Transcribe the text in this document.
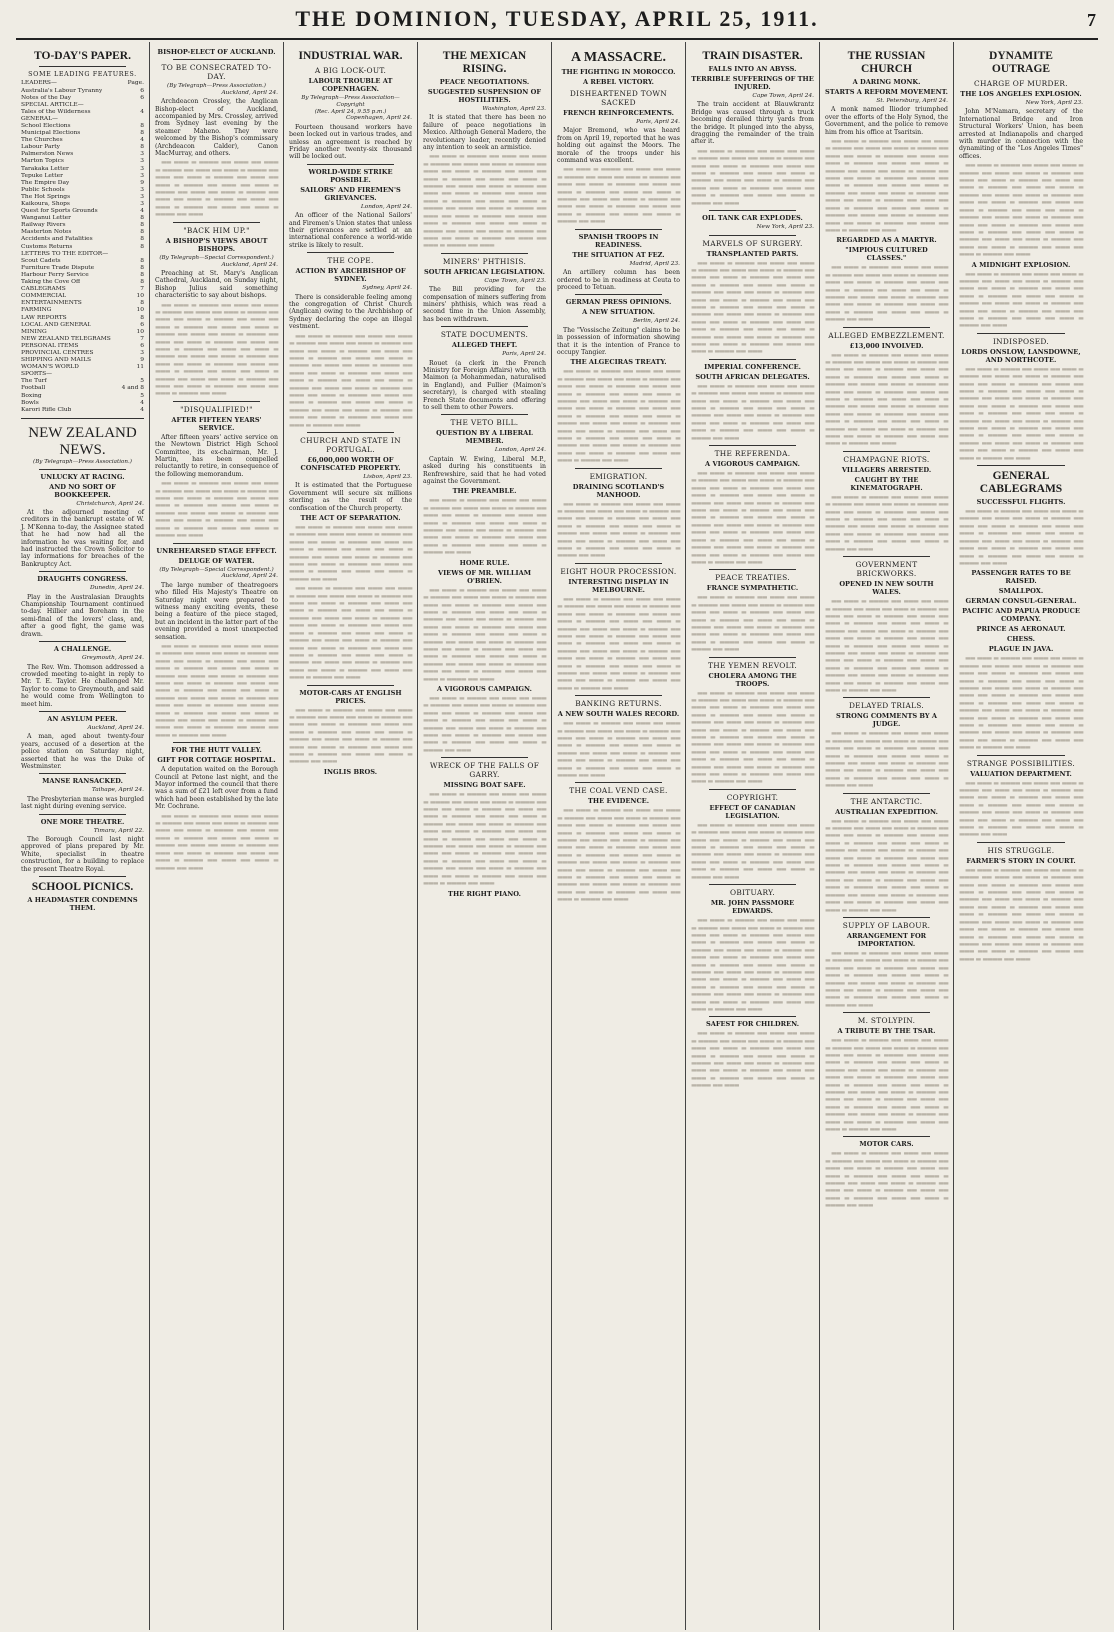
THE DOMINION, TUESDAY, APRIL 25, 1911.	7
TO-DAY'S PAPER.
SOME LEADING FEATURES.
LEADERS—	Page.
Australia's Labour Tyranny	6
Notes of the Day	6
SPECIAL ARTICLE—
Tales of the Wilderness	4
GENERAL—
School Elections	8
Municipal Elections	8
The Churches	4
Labour Party	8
Palmerston News	3
Marton Topics	3
Tarakaka Letter	3
Tepuke Letter	3
The Empire Day	9
Public Schools	3
The Hot Springs	3
Kaikoura, Shops	3
Quest for Sports Grounds	4
Wanganui Letter	8
Railway Rivers	8
Masterton Notes	8
Accidents and Fatalities	8
Customs Returns	8
LETTERS TO THE EDITOR—
Scout Cadets	8
Furniture Trade Dispute	8
Harbour Ferry Service	8
Taking the Cove Off	8
CABLEGRAMS	7
COMMERCIAL	10
ENTERTAINMENTS	8
FARMING	10
LAW REPORTS	8
LOCAL AND GENERAL	6
MINING	10
NEW ZEALAND TELEGRAMS	7
PERSONAL ITEMS	6
PROVINCIAL CENTRES	3
SHIPPING AND MAILS	9
WOMAN'S WORLD	11
SPORTS—
The Turf	5
Football	4 and 8
Boxing	5
Bowls	4
Karori Rifle Club	4
NEW ZEALAND NEWS.
(By Telegraph—Press Association.)
UNLUCKY AT RACING.
AND NO SORT OF BOOKKEEPER.
Christchurch, April 24.
At the adjourned meeting of creditors in the bankrupt estate of W. J. M'Kenna to-day, the Assignee stated that he had now had all the information he was waiting for, and had instructed the Crown Solicitor to lay informations for breaches of the Bankruptcy Act.
DRAUGHTS CONGRESS.
Dunedin, April 24.
Play in the Australasian Draughts Championship Tournament continued to-day. Hillier and Boreham in the semi-final of the lovers' class, and, after a good fight, the game was drawn.
A CHALLENGE.
Greymouth, April 24.
The Rev. Wm. Thomson addressed a crowded meeting to-night in reply to Mr. T. E. Taylor. He challenged Mr. Taylor to come to Greymouth, and said he would come from Wellington to meet him.
AN ASYLUM PEER.
Auckland, April 24.
A man, aged about twenty-four years, accused of a desertion at the police station on Saturday night, asserted that he was the Duke of Westminster.
MANSE RANSACKED.
Taihape, April 24.
The Presbyterian manse was burgled last night during evening service.
ONE MORE THEATRE.
Timaru, April 22.
The Borough Council last night approved of plans prepared by Mr. White, specialist in theatre construction, for a building to replace the present Theatre Royal.
SCHOOL PICNICS.
A HEADMASTER CONDEMNS THEM.
BISHOP-ELECT OF AUCKLAND.
TO BE CONSECRATED TO-DAY.
(By Telegraph—Press Association.)
Auckland, April 24.
Archdeacon Crossley, the Anglican Bishop-elect of Auckland, accompanied by Mrs. Crossley, arrived from Sydney last evening by the steamer Maheno. They were welcomed by the Bishop's commissary (Archdeacon Calder), Canon MacMurray, and others.
▬▬ ▬▬▬ ▬ ▬▬▬▬ ▬▬ ▬▬▬ ▬▬ ▬▬▬ ▬ ▬▬▬▬ ▬▬ ▬▬▬ ▬▬ ▬▬▬ ▬ ▬▬▬▬ ▬▬ ▬▬▬ ▬▬ ▬▬▬ ▬ ▬▬▬▬ ▬▬ ▬▬▬ ▬▬ ▬▬▬ ▬ ▬▬▬▬ ▬▬ ▬▬▬ ▬▬ ▬▬▬ ▬ ▬▬▬▬ ▬▬ ▬▬▬ ▬▬ ▬▬▬ ▬ ▬▬▬▬ ▬▬ ▬▬▬ ▬▬ ▬▬▬ ▬ ▬▬▬▬ ▬▬ ▬▬▬ ▬▬ ▬▬▬ ▬ ▬▬▬▬ ▬▬ ▬▬▬ ▬▬ ▬▬▬ ▬ ▬▬▬▬ ▬▬ ▬▬▬
"BACK HIM UP."
A BISHOP'S VIEWS ABOUT BISHOPS.
(By Telegraph—Special Correspondent.)
Auckland, April 24.
Preaching at St. Mary's Anglican Cathedral, Auckland, on Sunday night, Bishop Julius said something characteristic to say about bishops.
▬▬ ▬▬▬ ▬ ▬▬▬▬ ▬▬ ▬▬▬ ▬▬ ▬▬▬ ▬ ▬▬▬▬ ▬▬ ▬▬▬ ▬▬ ▬▬▬ ▬ ▬▬▬▬ ▬▬ ▬▬▬ ▬▬ ▬▬▬ ▬ ▬▬▬▬ ▬▬ ▬▬▬ ▬▬ ▬▬▬ ▬ ▬▬▬▬ ▬▬ ▬▬▬ ▬▬ ▬▬▬ ▬ ▬▬▬▬ ▬▬ ▬▬▬ ▬▬ ▬▬▬ ▬ ▬▬▬▬ ▬▬ ▬▬▬ ▬▬ ▬▬▬ ▬ ▬▬▬▬ ▬▬ ▬▬▬ ▬▬ ▬▬▬ ▬ ▬▬▬▬ ▬▬ ▬▬▬ ▬▬ ▬▬▬ ▬ ▬▬▬▬ ▬▬ ▬▬▬ ▬▬ ▬▬▬ ▬ ▬▬▬▬ ▬▬ ▬▬▬ ▬▬ ▬▬▬ ▬ ▬▬▬▬ ▬▬ ▬▬▬ ▬▬ ▬▬▬ ▬ ▬▬▬▬ ▬▬ ▬▬▬ ▬▬ ▬▬▬ ▬ ▬▬▬▬ ▬▬ ▬▬▬ ▬▬ ▬▬▬ ▬ ▬▬▬▬ ▬▬ ▬▬▬ ▬▬ ▬▬▬ ▬ ▬▬▬▬ ▬▬ ▬▬▬ ▬▬ ▬▬▬ ▬ ▬▬▬▬ ▬▬ ▬▬▬
"DISQUALIFIED!"
AFTER FIFTEEN YEARS' SERVICE.
After fifteen years' active service on the Newtown District High School Committee, its ex-chairman, Mr. J. Martin, has been compelled reluctantly to retire, in consequence of the following memorandum.
▬▬ ▬▬▬ ▬ ▬▬▬▬ ▬▬ ▬▬▬ ▬▬ ▬▬▬ ▬ ▬▬▬▬ ▬▬ ▬▬▬ ▬▬ ▬▬▬ ▬ ▬▬▬▬ ▬▬ ▬▬▬ ▬▬ ▬▬▬ ▬ ▬▬▬▬ ▬▬ ▬▬▬ ▬▬ ▬▬▬ ▬ ▬▬▬▬ ▬▬ ▬▬▬ ▬▬ ▬▬▬ ▬ ▬▬▬▬ ▬▬ ▬▬▬ ▬▬ ▬▬▬ ▬ ▬▬▬▬ ▬▬ ▬▬▬ ▬▬ ▬▬▬ ▬ ▬▬▬▬ ▬▬ ▬▬▬ ▬▬ ▬▬▬ ▬ ▬▬▬▬ ▬▬ ▬▬▬ ▬▬ ▬▬▬ ▬ ▬▬▬▬ ▬▬ ▬▬▬
UNREHEARSED STAGE EFFECT.
DELUGE OF WATER.
(By Telegraph—Special Correspondent.)
Auckland, April 24.
The large number of theatregoers who filled His Majesty's Theatre on Saturday night were prepared to witness many exciting events, these being a feature of the piece staged, but an incident in the latter part of the evening provided a most unexpected sensation.
▬▬ ▬▬▬ ▬ ▬▬▬▬ ▬▬ ▬▬▬ ▬▬ ▬▬▬ ▬ ▬▬▬▬ ▬▬ ▬▬▬ ▬▬ ▬▬▬ ▬ ▬▬▬▬ ▬▬ ▬▬▬ ▬▬ ▬▬▬ ▬ ▬▬▬▬ ▬▬ ▬▬▬ ▬▬ ▬▬▬ ▬ ▬▬▬▬ ▬▬ ▬▬▬ ▬▬ ▬▬▬ ▬ ▬▬▬▬ ▬▬ ▬▬▬ ▬▬ ▬▬▬ ▬ ▬▬▬▬ ▬▬ ▬▬▬ ▬▬ ▬▬▬ ▬ ▬▬▬▬ ▬▬ ▬▬▬ ▬▬ ▬▬▬ ▬ ▬▬▬▬ ▬▬ ▬▬▬ ▬▬ ▬▬▬ ▬ ▬▬▬▬ ▬▬ ▬▬▬ ▬▬ ▬▬▬ ▬ ▬▬▬▬ ▬▬ ▬▬▬ ▬▬ ▬▬▬ ▬ ▬▬▬▬ ▬▬ ▬▬▬ ▬▬ ▬▬▬ ▬ ▬▬▬▬ ▬▬ ▬▬▬ ▬▬ ▬▬▬ ▬ ▬▬▬▬ ▬▬ ▬▬▬ ▬▬ ▬▬▬ ▬ ▬▬▬▬ ▬▬ ▬▬▬ ▬▬ ▬▬▬ ▬ ▬▬▬▬ ▬▬ ▬▬▬ ▬▬ ▬▬▬ ▬ ▬▬▬▬ ▬▬ ▬▬▬
FOR THE HUTT VALLEY.
GIFT FOR COTTAGE HOSPITAL.
A deputation waited on the Borough Council at Petone last night, and the Mayor informed the council that there was a sum of £21 left over from a fund which had been established by the late Mr. Cochrane.
▬▬ ▬▬▬ ▬ ▬▬▬▬ ▬▬ ▬▬▬ ▬▬ ▬▬▬ ▬ ▬▬▬▬ ▬▬ ▬▬▬ ▬▬ ▬▬▬ ▬ ▬▬▬▬ ▬▬ ▬▬▬ ▬▬ ▬▬▬ ▬ ▬▬▬▬ ▬▬ ▬▬▬ ▬▬ ▬▬▬ ▬ ▬▬▬▬ ▬▬ ▬▬▬ ▬▬ ▬▬▬ ▬ ▬▬▬▬ ▬▬ ▬▬▬ ▬▬ ▬▬▬ ▬ ▬▬▬▬ ▬▬ ▬▬▬ ▬▬ ▬▬▬ ▬ ▬▬▬▬ ▬▬ ▬▬▬ ▬▬ ▬▬▬ ▬ ▬▬▬▬ ▬▬ ▬▬▬ ▬▬ ▬▬▬ ▬ ▬▬▬▬ ▬▬ ▬▬▬
INDUSTRIAL WAR.
A BIG LOCK-OUT.
LABOUR TROUBLE AT COPENHAGEN.
By Telegraph—Press Association—Copyright
(Rec. April 24, 9.55 p.m.)
Copenhagen, April 24.
Fourteen thousand workers have been locked out in various trades, and unless an agreement is reached by Friday another twenty-six thousand will be locked out.
WORLD-WIDE STRIKE POSSIBLE.
SAILORS' AND FIREMEN'S GRIEVANCES.
London, April 24.
An officer of the National Sailors' and Firemen's Union states that unless their grievances are settled at an international conference a world-wide strike is likely to result.
THE COPE.
ACTION BY ARCHBISHOP OF SYDNEY.
Sydney, April 24.
There is considerable feeling among the congregation of Christ Church (Anglican) owing to the Archbishop of Sydney declaring the cope an illegal vestment.
▬▬ ▬▬▬ ▬ ▬▬▬▬ ▬▬ ▬▬▬ ▬▬ ▬▬▬ ▬ ▬▬▬▬ ▬▬ ▬▬▬ ▬▬ ▬▬▬ ▬ ▬▬▬▬ ▬▬ ▬▬▬ ▬▬ ▬▬▬ ▬ ▬▬▬▬ ▬▬ ▬▬▬ ▬▬ ▬▬▬ ▬ ▬▬▬▬ ▬▬ ▬▬▬ ▬▬ ▬▬▬ ▬ ▬▬▬▬ ▬▬ ▬▬▬ ▬▬ ▬▬▬ ▬ ▬▬▬▬ ▬▬ ▬▬▬ ▬▬ ▬▬▬ ▬ ▬▬▬▬ ▬▬ ▬▬▬ ▬▬ ▬▬▬ ▬ ▬▬▬▬ ▬▬ ▬▬▬ ▬▬ ▬▬▬ ▬ ▬▬▬▬ ▬▬ ▬▬▬ ▬▬ ▬▬▬ ▬ ▬▬▬▬ ▬▬ ▬▬▬ ▬▬ ▬▬▬ ▬ ▬▬▬▬ ▬▬ ▬▬▬ ▬▬ ▬▬▬ ▬ ▬▬▬▬ ▬▬ ▬▬▬ ▬▬ ▬▬▬ ▬ ▬▬▬▬ ▬▬ ▬▬▬ ▬▬ ▬▬▬ ▬ ▬▬▬▬ ▬▬ ▬▬▬ ▬▬ ▬▬▬ ▬ ▬▬▬▬ ▬▬ ▬▬▬ ▬▬ ▬▬▬ ▬ ▬▬▬▬ ▬▬ ▬▬▬
CHURCH AND STATE IN PORTUGAL.
£6,000,000 WORTH OF CONFISCATED PROPERTY.
Lisbon, April 23.
It is estimated that the Portuguese Government will secure six millions sterling as the result of the confiscation of the Church property.
THE ACT OF SEPARATION.
▬▬ ▬▬▬ ▬ ▬▬▬▬ ▬▬ ▬▬▬ ▬▬ ▬▬▬ ▬ ▬▬▬▬ ▬▬ ▬▬▬ ▬▬ ▬▬▬ ▬ ▬▬▬▬ ▬▬ ▬▬▬ ▬▬ ▬▬▬ ▬ ▬▬▬▬ ▬▬ ▬▬▬ ▬▬ ▬▬▬ ▬ ▬▬▬▬ ▬▬ ▬▬▬ ▬▬ ▬▬▬ ▬ ▬▬▬▬ ▬▬ ▬▬▬ ▬▬ ▬▬▬ ▬ ▬▬▬▬ ▬▬ ▬▬▬ ▬▬ ▬▬▬ ▬ ▬▬▬▬ ▬▬ ▬▬▬ ▬▬ ▬▬▬ ▬ ▬▬▬▬ ▬▬ ▬▬▬ ▬▬ ▬▬▬ ▬ ▬▬▬▬ ▬▬ ▬▬▬
▬▬ ▬▬▬ ▬ ▬▬▬▬ ▬▬ ▬▬▬ ▬▬ ▬▬▬ ▬ ▬▬▬▬ ▬▬ ▬▬▬ ▬▬ ▬▬▬ ▬ ▬▬▬▬ ▬▬ ▬▬▬ ▬▬ ▬▬▬ ▬ ▬▬▬▬ ▬▬ ▬▬▬ ▬▬ ▬▬▬ ▬ ▬▬▬▬ ▬▬ ▬▬▬ ▬▬ ▬▬▬ ▬ ▬▬▬▬ ▬▬ ▬▬▬ ▬▬ ▬▬▬ ▬ ▬▬▬▬ ▬▬ ▬▬▬ ▬▬ ▬▬▬ ▬ ▬▬▬▬ ▬▬ ▬▬▬ ▬▬ ▬▬▬ ▬ ▬▬▬▬ ▬▬ ▬▬▬ ▬▬ ▬▬▬ ▬ ▬▬▬▬ ▬▬ ▬▬▬ ▬▬ ▬▬▬ ▬ ▬▬▬▬ ▬▬ ▬▬▬ ▬▬ ▬▬▬ ▬ ▬▬▬▬ ▬▬ ▬▬▬ ▬▬ ▬▬▬ ▬ ▬▬▬▬ ▬▬ ▬▬▬ ▬▬ ▬▬▬ ▬ ▬▬▬▬ ▬▬ ▬▬▬ ▬▬ ▬▬▬ ▬ ▬▬▬▬ ▬▬ ▬▬▬ ▬▬ ▬▬▬ ▬ ▬▬▬▬ ▬▬ ▬▬▬ ▬▬ ▬▬▬ ▬ ▬▬▬▬ ▬▬ ▬▬▬
MOTOR-CARS AT ENGLISH PRICES.
▬▬ ▬▬▬ ▬ ▬▬▬▬ ▬▬ ▬▬▬ ▬▬ ▬▬▬ ▬ ▬▬▬▬ ▬▬ ▬▬▬ ▬▬ ▬▬▬ ▬ ▬▬▬▬ ▬▬ ▬▬▬ ▬▬ ▬▬▬ ▬ ▬▬▬▬ ▬▬ ▬▬▬ ▬▬ ▬▬▬ ▬ ▬▬▬▬ ▬▬ ▬▬▬ ▬▬ ▬▬▬ ▬ ▬▬▬▬ ▬▬ ▬▬▬ ▬▬ ▬▬▬ ▬ ▬▬▬▬ ▬▬ ▬▬▬ ▬▬ ▬▬▬ ▬ ▬▬▬▬ ▬▬ ▬▬▬ ▬▬ ▬▬▬ ▬ ▬▬▬▬ ▬▬ ▬▬▬ ▬▬ ▬▬▬ ▬ ▬▬▬▬ ▬▬ ▬▬▬
INGLIS BROS.
THE MEXICAN RISING.
PEACE NEGOTIATIONS.
SUGGESTED SUSPENSION OF HOSTILITIES.
Washington, April 23.
It is stated that there has been no failure of peace negotiations in Mexico. Although General Madero, the revolutionary leader, recently denied any intention to seek an armistice.
▬▬ ▬▬▬ ▬ ▬▬▬▬ ▬▬ ▬▬▬ ▬▬ ▬▬▬ ▬ ▬▬▬▬ ▬▬ ▬▬▬ ▬▬ ▬▬▬ ▬ ▬▬▬▬ ▬▬ ▬▬▬ ▬▬ ▬▬▬ ▬ ▬▬▬▬ ▬▬ ▬▬▬ ▬▬ ▬▬▬ ▬ ▬▬▬▬ ▬▬ ▬▬▬ ▬▬ ▬▬▬ ▬ ▬▬▬▬ ▬▬ ▬▬▬ ▬▬ ▬▬▬ ▬ ▬▬▬▬ ▬▬ ▬▬▬ ▬▬ ▬▬▬ ▬ ▬▬▬▬ ▬▬ ▬▬▬ ▬▬ ▬▬▬ ▬ ▬▬▬▬ ▬▬ ▬▬▬ ▬▬ ▬▬▬ ▬ ▬▬▬▬ ▬▬ ▬▬▬ ▬▬ ▬▬▬ ▬ ▬▬▬▬ ▬▬ ▬▬▬ ▬▬ ▬▬▬ ▬ ▬▬▬▬ ▬▬ ▬▬▬ ▬▬ ▬▬▬ ▬ ▬▬▬▬ ▬▬ ▬▬▬ ▬▬ ▬▬▬ ▬ ▬▬▬▬ ▬▬ ▬▬▬ ▬▬ ▬▬▬ ▬ ▬▬▬▬ ▬▬ ▬▬▬ ▬▬ ▬▬▬ ▬ ▬▬▬▬ ▬▬ ▬▬▬ ▬▬ ▬▬▬ ▬ ▬▬▬▬ ▬▬ ▬▬▬
MINERS' PHTHISIS.
SOUTH AFRICAN LEGISLATION.
Cape Town, April 23.
The Bill providing for the compensation of miners suffering from miners' phthisis, which was read a second time in the Union Assembly, has been withdrawn.
STATE DOCUMENTS.
ALLEGED THEFT.
Paris, April 24.
Rouet (a clerk in the French Ministry for Foreign Affairs) who, with Maimon (a Mohammedan, naturalised in England), and Fullier (Maimon's secretary), is charged with stealing French State documents and offering to sell them to other Powers.
THE VETO BILL.
QUESTION BY A LIBERAL MEMBER.
London, April 24.
Captain W. Ewing, Liberal M.P., asked during his constituents in Renfrewshire, said that he had voted against the Government.
THE PREAMBLE.
▬▬ ▬▬▬ ▬ ▬▬▬▬ ▬▬ ▬▬▬ ▬▬ ▬▬▬ ▬ ▬▬▬▬ ▬▬ ▬▬▬ ▬▬ ▬▬▬ ▬ ▬▬▬▬ ▬▬ ▬▬▬ ▬▬ ▬▬▬ ▬ ▬▬▬▬ ▬▬ ▬▬▬ ▬▬ ▬▬▬ ▬ ▬▬▬▬ ▬▬ ▬▬▬ ▬▬ ▬▬▬ ▬ ▬▬▬▬ ▬▬ ▬▬▬ ▬▬ ▬▬▬ ▬ ▬▬▬▬ ▬▬ ▬▬▬ ▬▬ ▬▬▬ ▬ ▬▬▬▬ ▬▬ ▬▬▬ ▬▬ ▬▬▬ ▬ ▬▬▬▬ ▬▬ ▬▬▬ ▬▬ ▬▬▬ ▬ ▬▬▬▬ ▬▬ ▬▬▬
HOME RULE.
VIEWS OF MR. WILLIAM O'BRIEN.
▬▬ ▬▬▬ ▬ ▬▬▬▬ ▬▬ ▬▬▬ ▬▬ ▬▬▬ ▬ ▬▬▬▬ ▬▬ ▬▬▬ ▬▬ ▬▬▬ ▬ ▬▬▬▬ ▬▬ ▬▬▬ ▬▬ ▬▬▬ ▬ ▬▬▬▬ ▬▬ ▬▬▬ ▬▬ ▬▬▬ ▬ ▬▬▬▬ ▬▬ ▬▬▬ ▬▬ ▬▬▬ ▬ ▬▬▬▬ ▬▬ ▬▬▬ ▬▬ ▬▬▬ ▬ ▬▬▬▬ ▬▬ ▬▬▬ ▬▬ ▬▬▬ ▬ ▬▬▬▬ ▬▬ ▬▬▬ ▬▬ ▬▬▬ ▬ ▬▬▬▬ ▬▬ ▬▬▬ ▬▬ ▬▬▬ ▬ ▬▬▬▬ ▬▬ ▬▬▬ ▬▬ ▬▬▬ ▬ ▬▬▬▬ ▬▬ ▬▬▬ ▬▬ ▬▬▬ ▬ ▬▬▬▬ ▬▬ ▬▬▬ ▬▬ ▬▬▬ ▬ ▬▬▬▬ ▬▬ ▬▬▬ ▬▬ ▬▬▬ ▬ ▬▬▬▬ ▬▬ ▬▬▬ ▬▬ ▬▬▬ ▬ ▬▬▬▬ ▬▬ ▬▬▬ ▬▬ ▬▬▬ ▬ ▬▬▬▬ ▬▬ ▬▬▬ ▬▬ ▬▬▬ ▬ ▬▬▬▬ ▬▬ ▬▬▬
A VIGOROUS CAMPAIGN.
▬▬ ▬▬▬ ▬ ▬▬▬▬ ▬▬ ▬▬▬ ▬▬ ▬▬▬ ▬ ▬▬▬▬ ▬▬ ▬▬▬ ▬▬ ▬▬▬ ▬ ▬▬▬▬ ▬▬ ▬▬▬ ▬▬ ▬▬▬ ▬ ▬▬▬▬ ▬▬ ▬▬▬ ▬▬ ▬▬▬ ▬ ▬▬▬▬ ▬▬ ▬▬▬ ▬▬ ▬▬▬ ▬ ▬▬▬▬ ▬▬ ▬▬▬ ▬▬ ▬▬▬ ▬ ▬▬▬▬ ▬▬ ▬▬▬ ▬▬ ▬▬▬ ▬ ▬▬▬▬ ▬▬ ▬▬▬ ▬▬ ▬▬▬ ▬ ▬▬▬▬ ▬▬ ▬▬▬ ▬▬ ▬▬▬ ▬ ▬▬▬▬ ▬▬ ▬▬▬
WRECK OF THE FALLS OF GARRY.
MISSING BOAT SAFE.
▬▬ ▬▬▬ ▬ ▬▬▬▬ ▬▬ ▬▬▬ ▬▬ ▬▬▬ ▬ ▬▬▬▬ ▬▬ ▬▬▬ ▬▬ ▬▬▬ ▬ ▬▬▬▬ ▬▬ ▬▬▬ ▬▬ ▬▬▬ ▬ ▬▬▬▬ ▬▬ ▬▬▬ ▬▬ ▬▬▬ ▬ ▬▬▬▬ ▬▬ ▬▬▬ ▬▬ ▬▬▬ ▬ ▬▬▬▬ ▬▬ ▬▬▬ ▬▬ ▬▬▬ ▬ ▬▬▬▬ ▬▬ ▬▬▬ ▬▬ ▬▬▬ ▬ ▬▬▬▬ ▬▬ ▬▬▬ ▬▬ ▬▬▬ ▬ ▬▬▬▬ ▬▬ ▬▬▬ ▬▬ ▬▬▬ ▬ ▬▬▬▬ ▬▬ ▬▬▬ ▬▬ ▬▬▬ ▬ ▬▬▬▬ ▬▬ ▬▬▬ ▬▬ ▬▬▬ ▬ ▬▬▬▬ ▬▬ ▬▬▬ ▬▬ ▬▬▬ ▬ ▬▬▬▬ ▬▬ ▬▬▬ ▬▬ ▬▬▬ ▬ ▬▬▬▬ ▬▬ ▬▬▬ ▬▬ ▬▬▬ ▬ ▬▬▬▬ ▬▬ ▬▬▬ ▬▬ ▬▬▬ ▬ ▬▬▬▬ ▬▬ ▬▬▬ ▬▬ ▬▬▬ ▬ ▬▬▬▬ ▬▬ ▬▬▬
THE RIGHT PIANO.
A MASSACRE.
THE FIGHTING IN MOROCCO.
A REBEL VICTORY.
DISHEARTENED TOWN SACKED
FRENCH REINFORCEMENTS.
Paris, April 24.
Major Bremond, who was heard from on April 19, reported that he was holding out against the Moors. The morale of the troops under his command was excellent.
▬▬ ▬▬▬ ▬ ▬▬▬▬ ▬▬ ▬▬▬ ▬▬ ▬▬▬ ▬ ▬▬▬▬ ▬▬ ▬▬▬ ▬▬ ▬▬▬ ▬ ▬▬▬▬ ▬▬ ▬▬▬ ▬▬ ▬▬▬ ▬ ▬▬▬▬ ▬▬ ▬▬▬ ▬▬ ▬▬▬ ▬ ▬▬▬▬ ▬▬ ▬▬▬ ▬▬ ▬▬▬ ▬ ▬▬▬▬ ▬▬ ▬▬▬ ▬▬ ▬▬▬ ▬ ▬▬▬▬ ▬▬ ▬▬▬ ▬▬ ▬▬▬ ▬ ▬▬▬▬ ▬▬ ▬▬▬ ▬▬ ▬▬▬ ▬ ▬▬▬▬ ▬▬ ▬▬▬ ▬▬ ▬▬▬ ▬ ▬▬▬▬ ▬▬ ▬▬▬
SPANISH TROOPS IN READINESS.
THE SITUATION AT FEZ.
Madrid, April 23.
An artillery column has been ordered to be in readiness at Ceuta to proceed to Tetuan.
GERMAN PRESS OPINIONS.
A NEW SITUATION.
Berlin, April 24.
The "Vossische Zeitung" claims to be in possession of information showing that it is the intention of France to occupy Tangier.
THE ALGECIRAS TREATY.
▬▬ ▬▬▬ ▬ ▬▬▬▬ ▬▬ ▬▬▬ ▬▬ ▬▬▬ ▬ ▬▬▬▬ ▬▬ ▬▬▬ ▬▬ ▬▬▬ ▬ ▬▬▬▬ ▬▬ ▬▬▬ ▬▬ ▬▬▬ ▬ ▬▬▬▬ ▬▬ ▬▬▬ ▬▬ ▬▬▬ ▬ ▬▬▬▬ ▬▬ ▬▬▬ ▬▬ ▬▬▬ ▬ ▬▬▬▬ ▬▬ ▬▬▬ ▬▬ ▬▬▬ ▬ ▬▬▬▬ ▬▬ ▬▬▬ ▬▬ ▬▬▬ ▬ ▬▬▬▬ ▬▬ ▬▬▬ ▬▬ ▬▬▬ ▬ ▬▬▬▬ ▬▬ ▬▬▬ ▬▬ ▬▬▬ ▬ ▬▬▬▬ ▬▬ ▬▬▬ ▬▬ ▬▬▬ ▬ ▬▬▬▬ ▬▬ ▬▬▬ ▬▬ ▬▬▬ ▬ ▬▬▬▬ ▬▬ ▬▬▬ ▬▬ ▬▬▬ ▬ ▬▬▬▬ ▬▬ ▬▬▬ ▬▬ ▬▬▬ ▬ ▬▬▬▬ ▬▬ ▬▬▬ ▬▬ ▬▬▬ ▬ ▬▬▬▬ ▬▬ ▬▬▬ ▬▬ ▬▬▬ ▬ ▬▬▬▬ ▬▬ ▬▬▬ ▬▬ ▬▬▬ ▬ ▬▬▬▬ ▬▬ ▬▬▬
EMIGRATION.
DRAINING SCOTLAND'S MANHOOD.
▬▬ ▬▬▬ ▬ ▬▬▬▬ ▬▬ ▬▬▬ ▬▬ ▬▬▬ ▬ ▬▬▬▬ ▬▬ ▬▬▬ ▬▬ ▬▬▬ ▬ ▬▬▬▬ ▬▬ ▬▬▬ ▬▬ ▬▬▬ ▬ ▬▬▬▬ ▬▬ ▬▬▬ ▬▬ ▬▬▬ ▬ ▬▬▬▬ ▬▬ ▬▬▬ ▬▬ ▬▬▬ ▬ ▬▬▬▬ ▬▬ ▬▬▬ ▬▬ ▬▬▬ ▬ ▬▬▬▬ ▬▬ ▬▬▬ ▬▬ ▬▬▬ ▬ ▬▬▬▬ ▬▬ ▬▬▬ ▬▬ ▬▬▬ ▬ ▬▬▬▬ ▬▬ ▬▬▬ ▬▬ ▬▬▬ ▬ ▬▬▬▬ ▬▬ ▬▬▬
EIGHT HOUR PROCESSION.
INTERESTING DISPLAY IN MELBOURNE.
▬▬ ▬▬▬ ▬ ▬▬▬▬ ▬▬ ▬▬▬ ▬▬ ▬▬▬ ▬ ▬▬▬▬ ▬▬ ▬▬▬ ▬▬ ▬▬▬ ▬ ▬▬▬▬ ▬▬ ▬▬▬ ▬▬ ▬▬▬ ▬ ▬▬▬▬ ▬▬ ▬▬▬ ▬▬ ▬▬▬ ▬ ▬▬▬▬ ▬▬ ▬▬▬ ▬▬ ▬▬▬ ▬ ▬▬▬▬ ▬▬ ▬▬▬ ▬▬ ▬▬▬ ▬ ▬▬▬▬ ▬▬ ▬▬▬ ▬▬ ▬▬▬ ▬ ▬▬▬▬ ▬▬ ▬▬▬ ▬▬ ▬▬▬ ▬ ▬▬▬▬ ▬▬ ▬▬▬ ▬▬ ▬▬▬ ▬ ▬▬▬▬ ▬▬ ▬▬▬ ▬▬ ▬▬▬ ▬ ▬▬▬▬ ▬▬ ▬▬▬ ▬▬ ▬▬▬ ▬ ▬▬▬▬ ▬▬ ▬▬▬ ▬▬ ▬▬▬ ▬ ▬▬▬▬ ▬▬ ▬▬▬ ▬▬ ▬▬▬ ▬ ▬▬▬▬ ▬▬ ▬▬▬ ▬▬ ▬▬▬ ▬ ▬▬▬▬ ▬▬ ▬▬▬ ▬▬ ▬▬▬ ▬ ▬▬▬▬ ▬▬ ▬▬▬ ▬▬ ▬▬▬ ▬ ▬▬▬▬ ▬▬ ▬▬▬
BANKING RETURNS.
A NEW SOUTH WALES RECORD.
▬▬ ▬▬▬ ▬ ▬▬▬▬ ▬▬ ▬▬▬ ▬▬ ▬▬▬ ▬ ▬▬▬▬ ▬▬ ▬▬▬ ▬▬ ▬▬▬ ▬ ▬▬▬▬ ▬▬ ▬▬▬ ▬▬ ▬▬▬ ▬ ▬▬▬▬ ▬▬ ▬▬▬ ▬▬ ▬▬▬ ▬ ▬▬▬▬ ▬▬ ▬▬▬ ▬▬ ▬▬▬ ▬ ▬▬▬▬ ▬▬ ▬▬▬ ▬▬ ▬▬▬ ▬ ▬▬▬▬ ▬▬ ▬▬▬ ▬▬ ▬▬▬ ▬ ▬▬▬▬ ▬▬ ▬▬▬ ▬▬ ▬▬▬ ▬ ▬▬▬▬ ▬▬ ▬▬▬ ▬▬ ▬▬▬ ▬ ▬▬▬▬ ▬▬ ▬▬▬
THE COAL VEND CASE.
THE EVIDENCE.
▬▬ ▬▬▬ ▬ ▬▬▬▬ ▬▬ ▬▬▬ ▬▬ ▬▬▬ ▬ ▬▬▬▬ ▬▬ ▬▬▬ ▬▬ ▬▬▬ ▬ ▬▬▬▬ ▬▬ ▬▬▬ ▬▬ ▬▬▬ ▬ ▬▬▬▬ ▬▬ ▬▬▬ ▬▬ ▬▬▬ ▬ ▬▬▬▬ ▬▬ ▬▬▬ ▬▬ ▬▬▬ ▬ ▬▬▬▬ ▬▬ ▬▬▬ ▬▬ ▬▬▬ ▬ ▬▬▬▬ ▬▬ ▬▬▬ ▬▬ ▬▬▬ ▬ ▬▬▬▬ ▬▬ ▬▬▬ ▬▬ ▬▬▬ ▬ ▬▬▬▬ ▬▬ ▬▬▬ ▬▬ ▬▬▬ ▬ ▬▬▬▬ ▬▬ ▬▬▬ ▬▬ ▬▬▬ ▬ ▬▬▬▬ ▬▬ ▬▬▬ ▬▬ ▬▬▬ ▬ ▬▬▬▬ ▬▬ ▬▬▬ ▬▬ ▬▬▬ ▬ ▬▬▬▬ ▬▬ ▬▬▬ ▬▬ ▬▬▬ ▬ ▬▬▬▬ ▬▬ ▬▬▬ ▬▬ ▬▬▬ ▬ ▬▬▬▬ ▬▬ ▬▬▬ ▬▬ ▬▬▬ ▬ ▬▬▬▬ ▬▬ ▬▬▬ ▬▬ ▬▬▬ ▬ ▬▬▬▬ ▬▬ ▬▬▬
TRAIN DISASTER.
FALLS INTO AN ABYSS.
TERRIBLE SUFFERINGS OF THE INJURED.
Cape Town, April 24.
The train accident at Blauwkrantz Bridge was caused through a truck becoming derailed thirty yards from the bridge. It plunged into the abyss, dragging the remainder of the train after it.
▬▬ ▬▬▬ ▬ ▬▬▬▬ ▬▬ ▬▬▬ ▬▬ ▬▬▬ ▬ ▬▬▬▬ ▬▬ ▬▬▬ ▬▬ ▬▬▬ ▬ ▬▬▬▬ ▬▬ ▬▬▬ ▬▬ ▬▬▬ ▬ ▬▬▬▬ ▬▬ ▬▬▬ ▬▬ ▬▬▬ ▬ ▬▬▬▬ ▬▬ ▬▬▬ ▬▬ ▬▬▬ ▬ ▬▬▬▬ ▬▬ ▬▬▬ ▬▬ ▬▬▬ ▬ ▬▬▬▬ ▬▬ ▬▬▬ ▬▬ ▬▬▬ ▬ ▬▬▬▬ ▬▬ ▬▬▬ ▬▬ ▬▬▬ ▬ ▬▬▬▬ ▬▬ ▬▬▬ ▬▬ ▬▬▬ ▬ ▬▬▬▬ ▬▬ ▬▬▬
OIL TANK CAR EXPLODES.
New York, April 23.
MARVELS OF SURGERY.
TRANSPLANTED PARTS.
▬▬ ▬▬▬ ▬ ▬▬▬▬ ▬▬ ▬▬▬ ▬▬ ▬▬▬ ▬ ▬▬▬▬ ▬▬ ▬▬▬ ▬▬ ▬▬▬ ▬ ▬▬▬▬ ▬▬ ▬▬▬ ▬▬ ▬▬▬ ▬ ▬▬▬▬ ▬▬ ▬▬▬ ▬▬ ▬▬▬ ▬ ▬▬▬▬ ▬▬ ▬▬▬ ▬▬ ▬▬▬ ▬ ▬▬▬▬ ▬▬ ▬▬▬ ▬▬ ▬▬▬ ▬ ▬▬▬▬ ▬▬ ▬▬▬ ▬▬ ▬▬▬ ▬ ▬▬▬▬ ▬▬ ▬▬▬ ▬▬ ▬▬▬ ▬ ▬▬▬▬ ▬▬ ▬▬▬ ▬▬ ▬▬▬ ▬ ▬▬▬▬ ▬▬ ▬▬▬ ▬▬ ▬▬▬ ▬ ▬▬▬▬ ▬▬ ▬▬▬ ▬▬ ▬▬▬ ▬ ▬▬▬▬ ▬▬ ▬▬▬ ▬▬ ▬▬▬ ▬ ▬▬▬▬ ▬▬ ▬▬▬ ▬▬ ▬▬▬ ▬ ▬▬▬▬ ▬▬ ▬▬▬ ▬▬ ▬▬▬ ▬ ▬▬▬▬ ▬▬ ▬▬▬ ▬▬ ▬▬▬ ▬ ▬▬▬▬ ▬▬ ▬▬▬ ▬▬ ▬▬▬ ▬ ▬▬▬▬ ▬▬ ▬▬▬
IMPERIAL CONFERENCE.
SOUTH AFRICAN DELEGATES.
▬▬ ▬▬▬ ▬ ▬▬▬▬ ▬▬ ▬▬▬ ▬▬ ▬▬▬ ▬ ▬▬▬▬ ▬▬ ▬▬▬ ▬▬ ▬▬▬ ▬ ▬▬▬▬ ▬▬ ▬▬▬ ▬▬ ▬▬▬ ▬ ▬▬▬▬ ▬▬ ▬▬▬ ▬▬ ▬▬▬ ▬ ▬▬▬▬ ▬▬ ▬▬▬ ▬▬ ▬▬▬ ▬ ▬▬▬▬ ▬▬ ▬▬▬ ▬▬ ▬▬▬ ▬ ▬▬▬▬ ▬▬ ▬▬▬ ▬▬ ▬▬▬ ▬ ▬▬▬▬ ▬▬ ▬▬▬ ▬▬ ▬▬▬ ▬ ▬▬▬▬ ▬▬ ▬▬▬ ▬▬ ▬▬▬ ▬ ▬▬▬▬ ▬▬ ▬▬▬
THE REFERENDA.
A VIGOROUS CAMPAIGN.
▬▬ ▬▬▬ ▬ ▬▬▬▬ ▬▬ ▬▬▬ ▬▬ ▬▬▬ ▬ ▬▬▬▬ ▬▬ ▬▬▬ ▬▬ ▬▬▬ ▬ ▬▬▬▬ ▬▬ ▬▬▬ ▬▬ ▬▬▬ ▬ ▬▬▬▬ ▬▬ ▬▬▬ ▬▬ ▬▬▬ ▬ ▬▬▬▬ ▬▬ ▬▬▬ ▬▬ ▬▬▬ ▬ ▬▬▬▬ ▬▬ ▬▬▬ ▬▬ ▬▬▬ ▬ ▬▬▬▬ ▬▬ ▬▬▬ ▬▬ ▬▬▬ ▬ ▬▬▬▬ ▬▬ ▬▬▬ ▬▬ ▬▬▬ ▬ ▬▬▬▬ ▬▬ ▬▬▬ ▬▬ ▬▬▬ ▬ ▬▬▬▬ ▬▬ ▬▬▬ ▬▬ ▬▬▬ ▬ ▬▬▬▬ ▬▬ ▬▬▬ ▬▬ ▬▬▬ ▬ ▬▬▬▬ ▬▬ ▬▬▬ ▬▬ ▬▬▬ ▬ ▬▬▬▬ ▬▬ ▬▬▬ ▬▬ ▬▬▬ ▬ ▬▬▬▬ ▬▬ ▬▬▬ ▬▬ ▬▬▬ ▬ ▬▬▬▬ ▬▬ ▬▬▬ ▬▬ ▬▬▬ ▬ ▬▬▬▬ ▬▬ ▬▬▬ ▬▬ ▬▬▬ ▬ ▬▬▬▬ ▬▬ ▬▬▬
PEACE TREATIES.
FRANCE SYMPATHETIC.
▬▬ ▬▬▬ ▬ ▬▬▬▬ ▬▬ ▬▬▬ ▬▬ ▬▬▬ ▬ ▬▬▬▬ ▬▬ ▬▬▬ ▬▬ ▬▬▬ ▬ ▬▬▬▬ ▬▬ ▬▬▬ ▬▬ ▬▬▬ ▬ ▬▬▬▬ ▬▬ ▬▬▬ ▬▬ ▬▬▬ ▬ ▬▬▬▬ ▬▬ ▬▬▬ ▬▬ ▬▬▬ ▬ ▬▬▬▬ ▬▬ ▬▬▬ ▬▬ ▬▬▬ ▬ ▬▬▬▬ ▬▬ ▬▬▬ ▬▬ ▬▬▬ ▬ ▬▬▬▬ ▬▬ ▬▬▬ ▬▬ ▬▬▬ ▬ ▬▬▬▬ ▬▬ ▬▬▬ ▬▬ ▬▬▬ ▬ ▬▬▬▬ ▬▬ ▬▬▬
THE YEMEN REVOLT.
CHOLERA AMONG THE TROOPS.
▬▬ ▬▬▬ ▬ ▬▬▬▬ ▬▬ ▬▬▬ ▬▬ ▬▬▬ ▬ ▬▬▬▬ ▬▬ ▬▬▬ ▬▬ ▬▬▬ ▬ ▬▬▬▬ ▬▬ ▬▬▬ ▬▬ ▬▬▬ ▬ ▬▬▬▬ ▬▬ ▬▬▬ ▬▬ ▬▬▬ ▬ ▬▬▬▬ ▬▬ ▬▬▬ ▬▬ ▬▬▬ ▬ ▬▬▬▬ ▬▬ ▬▬▬ ▬▬ ▬▬▬ ▬ ▬▬▬▬ ▬▬ ▬▬▬ ▬▬ ▬▬▬ ▬ ▬▬▬▬ ▬▬ ▬▬▬ ▬▬ ▬▬▬ ▬ ▬▬▬▬ ▬▬ ▬▬▬ ▬▬ ▬▬▬ ▬ ▬▬▬▬ ▬▬ ▬▬▬ ▬▬ ▬▬▬ ▬ ▬▬▬▬ ▬▬ ▬▬▬ ▬▬ ▬▬▬ ▬ ▬▬▬▬ ▬▬ ▬▬▬ ▬▬ ▬▬▬ ▬ ▬▬▬▬ ▬▬ ▬▬▬ ▬▬ ▬▬▬ ▬ ▬▬▬▬ ▬▬ ▬▬▬ ▬▬ ▬▬▬ ▬ ▬▬▬▬ ▬▬ ▬▬▬ ▬▬ ▬▬▬ ▬ ▬▬▬▬ ▬▬ ▬▬▬ ▬▬ ▬▬▬ ▬ ▬▬▬▬ ▬▬ ▬▬▬
COPYRIGHT.
EFFECT OF CANADIAN LEGISLATION.
▬▬ ▬▬▬ ▬ ▬▬▬▬ ▬▬ ▬▬▬ ▬▬ ▬▬▬ ▬ ▬▬▬▬ ▬▬ ▬▬▬ ▬▬ ▬▬▬ ▬ ▬▬▬▬ ▬▬ ▬▬▬ ▬▬ ▬▬▬ ▬ ▬▬▬▬ ▬▬ ▬▬▬ ▬▬ ▬▬▬ ▬ ▬▬▬▬ ▬▬ ▬▬▬ ▬▬ ▬▬▬ ▬ ▬▬▬▬ ▬▬ ▬▬▬ ▬▬ ▬▬▬ ▬ ▬▬▬▬ ▬▬ ▬▬▬ ▬▬ ▬▬▬ ▬ ▬▬▬▬ ▬▬ ▬▬▬ ▬▬ ▬▬▬ ▬ ▬▬▬▬ ▬▬ ▬▬▬ ▬▬ ▬▬▬ ▬ ▬▬▬▬ ▬▬ ▬▬▬
OBITUARY.
MR. JOHN PASSMORE EDWARDS.
▬▬ ▬▬▬ ▬ ▬▬▬▬ ▬▬ ▬▬▬ ▬▬ ▬▬▬ ▬ ▬▬▬▬ ▬▬ ▬▬▬ ▬▬ ▬▬▬ ▬ ▬▬▬▬ ▬▬ ▬▬▬ ▬▬ ▬▬▬ ▬ ▬▬▬▬ ▬▬ ▬▬▬ ▬▬ ▬▬▬ ▬ ▬▬▬▬ ▬▬ ▬▬▬ ▬▬ ▬▬▬ ▬ ▬▬▬▬ ▬▬ ▬▬▬ ▬▬ ▬▬▬ ▬ ▬▬▬▬ ▬▬ ▬▬▬ ▬▬ ▬▬▬ ▬ ▬▬▬▬ ▬▬ ▬▬▬ ▬▬ ▬▬▬ ▬ ▬▬▬▬ ▬▬ ▬▬▬ ▬▬ ▬▬▬ ▬ ▬▬▬▬ ▬▬ ▬▬▬ ▬▬ ▬▬▬ ▬ ▬▬▬▬ ▬▬ ▬▬▬ ▬▬ ▬▬▬ ▬ ▬▬▬▬ ▬▬ ▬▬▬ ▬▬ ▬▬▬ ▬ ▬▬▬▬ ▬▬ ▬▬▬ ▬▬ ▬▬▬ ▬ ▬▬▬▬ ▬▬ ▬▬▬ ▬▬ ▬▬▬ ▬ ▬▬▬▬ ▬▬ ▬▬▬ ▬▬ ▬▬▬ ▬ ▬▬▬▬ ▬▬ ▬▬▬ ▬▬ ▬▬▬ ▬ ▬▬▬▬ ▬▬ ▬▬▬
SAFEST FOR CHILDREN.
▬▬ ▬▬▬ ▬ ▬▬▬▬ ▬▬ ▬▬▬ ▬▬ ▬▬▬ ▬ ▬▬▬▬ ▬▬ ▬▬▬ ▬▬ ▬▬▬ ▬ ▬▬▬▬ ▬▬ ▬▬▬ ▬▬ ▬▬▬ ▬ ▬▬▬▬ ▬▬ ▬▬▬ ▬▬ ▬▬▬ ▬ ▬▬▬▬ ▬▬ ▬▬▬ ▬▬ ▬▬▬ ▬ ▬▬▬▬ ▬▬ ▬▬▬ ▬▬ ▬▬▬ ▬ ▬▬▬▬ ▬▬ ▬▬▬ ▬▬ ▬▬▬ ▬ ▬▬▬▬ ▬▬ ▬▬▬ ▬▬ ▬▬▬ ▬ ▬▬▬▬ ▬▬ ▬▬▬ ▬▬ ▬▬▬ ▬ ▬▬▬▬ ▬▬ ▬▬▬
THE RUSSIAN CHURCH
A DARING MONK.
STARTS A REFORM MOVEMENT.
St. Petersburg, April 24.
A monk named Iliodor triumphed over the efforts of the Holy Synod, the Government, and the police to remove him from his office at Tsaritsin.
▬▬ ▬▬▬ ▬ ▬▬▬▬ ▬▬ ▬▬▬ ▬▬ ▬▬▬ ▬ ▬▬▬▬ ▬▬ ▬▬▬ ▬▬ ▬▬▬ ▬ ▬▬▬▬ ▬▬ ▬▬▬ ▬▬ ▬▬▬ ▬ ▬▬▬▬ ▬▬ ▬▬▬ ▬▬ ▬▬▬ ▬ ▬▬▬▬ ▬▬ ▬▬▬ ▬▬ ▬▬▬ ▬ ▬▬▬▬ ▬▬ ▬▬▬ ▬▬ ▬▬▬ ▬ ▬▬▬▬ ▬▬ ▬▬▬ ▬▬ ▬▬▬ ▬ ▬▬▬▬ ▬▬ ▬▬▬ ▬▬ ▬▬▬ ▬ ▬▬▬▬ ▬▬ ▬▬▬ ▬▬ ▬▬▬ ▬ ▬▬▬▬ ▬▬ ▬▬▬ ▬▬ ▬▬▬ ▬ ▬▬▬▬ ▬▬ ▬▬▬ ▬▬ ▬▬▬ ▬ ▬▬▬▬ ▬▬ ▬▬▬ ▬▬ ▬▬▬ ▬ ▬▬▬▬ ▬▬ ▬▬▬ ▬▬ ▬▬▬ ▬ ▬▬▬▬ ▬▬ ▬▬▬ ▬▬ ▬▬▬ ▬ ▬▬▬▬ ▬▬ ▬▬▬ ▬▬ ▬▬▬ ▬ ▬▬▬▬ ▬▬ ▬▬▬ ▬▬ ▬▬▬ ▬ ▬▬▬▬ ▬▬ ▬▬▬
REGARDED AS A MARTYR.
"IMPIOUS CULTURED CLASSES."
▬▬ ▬▬▬ ▬ ▬▬▬▬ ▬▬ ▬▬▬ ▬▬ ▬▬▬ ▬ ▬▬▬▬ ▬▬ ▬▬▬ ▬▬ ▬▬▬ ▬ ▬▬▬▬ ▬▬ ▬▬▬ ▬▬ ▬▬▬ ▬ ▬▬▬▬ ▬▬ ▬▬▬ ▬▬ ▬▬▬ ▬ ▬▬▬▬ ▬▬ ▬▬▬ ▬▬ ▬▬▬ ▬ ▬▬▬▬ ▬▬ ▬▬▬ ▬▬ ▬▬▬ ▬ ▬▬▬▬ ▬▬ ▬▬▬ ▬▬ ▬▬▬ ▬ ▬▬▬▬ ▬▬ ▬▬▬ ▬▬ ▬▬▬ ▬ ▬▬▬▬ ▬▬ ▬▬▬ ▬▬ ▬▬▬ ▬ ▬▬▬▬ ▬▬ ▬▬▬
ALLEGED EMBEZZLEMENT.
£13,000 INVOLVED.
▬▬ ▬▬▬ ▬ ▬▬▬▬ ▬▬ ▬▬▬ ▬▬ ▬▬▬ ▬ ▬▬▬▬ ▬▬ ▬▬▬ ▬▬ ▬▬▬ ▬ ▬▬▬▬ ▬▬ ▬▬▬ ▬▬ ▬▬▬ ▬ ▬▬▬▬ ▬▬ ▬▬▬ ▬▬ ▬▬▬ ▬ ▬▬▬▬ ▬▬ ▬▬▬ ▬▬ ▬▬▬ ▬ ▬▬▬▬ ▬▬ ▬▬▬ ▬▬ ▬▬▬ ▬ ▬▬▬▬ ▬▬ ▬▬▬ ▬▬ ▬▬▬ ▬ ▬▬▬▬ ▬▬ ▬▬▬ ▬▬ ▬▬▬ ▬ ▬▬▬▬ ▬▬ ▬▬▬ ▬▬ ▬▬▬ ▬ ▬▬▬▬ ▬▬ ▬▬▬ ▬▬ ▬▬▬ ▬ ▬▬▬▬ ▬▬ ▬▬▬ ▬▬ ▬▬▬ ▬ ▬▬▬▬ ▬▬ ▬▬▬ ▬▬ ▬▬▬ ▬ ▬▬▬▬ ▬▬ ▬▬▬ ▬▬ ▬▬▬ ▬ ▬▬▬▬ ▬▬ ▬▬▬ ▬▬ ▬▬▬ ▬ ▬▬▬▬ ▬▬ ▬▬▬ ▬▬ ▬▬▬ ▬ ▬▬▬▬ ▬▬ ▬▬▬ ▬▬ ▬▬▬ ▬ ▬▬▬▬ ▬▬ ▬▬▬
CHAMPAGNE RIOTS.
VILLAGERS ARRESTED.
CAUGHT BY THE KINEMATOGRAPH.
▬▬ ▬▬▬ ▬ ▬▬▬▬ ▬▬ ▬▬▬ ▬▬ ▬▬▬ ▬ ▬▬▬▬ ▬▬ ▬▬▬ ▬▬ ▬▬▬ ▬ ▬▬▬▬ ▬▬ ▬▬▬ ▬▬ ▬▬▬ ▬ ▬▬▬▬ ▬▬ ▬▬▬ ▬▬ ▬▬▬ ▬ ▬▬▬▬ ▬▬ ▬▬▬ ▬▬ ▬▬▬ ▬ ▬▬▬▬ ▬▬ ▬▬▬ ▬▬ ▬▬▬ ▬ ▬▬▬▬ ▬▬ ▬▬▬ ▬▬ ▬▬▬ ▬ ▬▬▬▬ ▬▬ ▬▬▬ ▬▬ ▬▬▬ ▬ ▬▬▬▬ ▬▬ ▬▬▬ ▬▬ ▬▬▬ ▬ ▬▬▬▬ ▬▬ ▬▬▬
GOVERNMENT BRICKWORKS.
OPENED IN NEW SOUTH WALES.
▬▬ ▬▬▬ ▬ ▬▬▬▬ ▬▬ ▬▬▬ ▬▬ ▬▬▬ ▬ ▬▬▬▬ ▬▬ ▬▬▬ ▬▬ ▬▬▬ ▬ ▬▬▬▬ ▬▬ ▬▬▬ ▬▬ ▬▬▬ ▬ ▬▬▬▬ ▬▬ ▬▬▬ ▬▬ ▬▬▬ ▬ ▬▬▬▬ ▬▬ ▬▬▬ ▬▬ ▬▬▬ ▬ ▬▬▬▬ ▬▬ ▬▬▬ ▬▬ ▬▬▬ ▬ ▬▬▬▬ ▬▬ ▬▬▬ ▬▬ ▬▬▬ ▬ ▬▬▬▬ ▬▬ ▬▬▬ ▬▬ ▬▬▬ ▬ ▬▬▬▬ ▬▬ ▬▬▬ ▬▬ ▬▬▬ ▬ ▬▬▬▬ ▬▬ ▬▬▬ ▬▬ ▬▬▬ ▬ ▬▬▬▬ ▬▬ ▬▬▬ ▬▬ ▬▬▬ ▬ ▬▬▬▬ ▬▬ ▬▬▬ ▬▬ ▬▬▬ ▬ ▬▬▬▬ ▬▬ ▬▬▬ ▬▬ ▬▬▬ ▬ ▬▬▬▬ ▬▬ ▬▬▬ ▬▬ ▬▬▬ ▬ ▬▬▬▬ ▬▬ ▬▬▬ ▬▬ ▬▬▬ ▬ ▬▬▬▬ ▬▬ ▬▬▬ ▬▬ ▬▬▬ ▬ ▬▬▬▬ ▬▬ ▬▬▬
DELAYED TRIALS.
STRONG COMMENTS BY A JUDGE.
▬▬ ▬▬▬ ▬ ▬▬▬▬ ▬▬ ▬▬▬ ▬▬ ▬▬▬ ▬ ▬▬▬▬ ▬▬ ▬▬▬ ▬▬ ▬▬▬ ▬ ▬▬▬▬ ▬▬ ▬▬▬ ▬▬ ▬▬▬ ▬ ▬▬▬▬ ▬▬ ▬▬▬ ▬▬ ▬▬▬ ▬ ▬▬▬▬ ▬▬ ▬▬▬ ▬▬ ▬▬▬ ▬ ▬▬▬▬ ▬▬ ▬▬▬ ▬▬ ▬▬▬ ▬ ▬▬▬▬ ▬▬ ▬▬▬ ▬▬ ▬▬▬ ▬ ▬▬▬▬ ▬▬ ▬▬▬ ▬▬ ▬▬▬ ▬ ▬▬▬▬ ▬▬ ▬▬▬ ▬▬ ▬▬▬ ▬ ▬▬▬▬ ▬▬ ▬▬▬
THE ANTARCTIC.
AUSTRALIAN EXPEDITION.
▬▬ ▬▬▬ ▬ ▬▬▬▬ ▬▬ ▬▬▬ ▬▬ ▬▬▬ ▬ ▬▬▬▬ ▬▬ ▬▬▬ ▬▬ ▬▬▬ ▬ ▬▬▬▬ ▬▬ ▬▬▬ ▬▬ ▬▬▬ ▬ ▬▬▬▬ ▬▬ ▬▬▬ ▬▬ ▬▬▬ ▬ ▬▬▬▬ ▬▬ ▬▬▬ ▬▬ ▬▬▬ ▬ ▬▬▬▬ ▬▬ ▬▬▬ ▬▬ ▬▬▬ ▬ ▬▬▬▬ ▬▬ ▬▬▬ ▬▬ ▬▬▬ ▬ ▬▬▬▬ ▬▬ ▬▬▬ ▬▬ ▬▬▬ ▬ ▬▬▬▬ ▬▬ ▬▬▬ ▬▬ ▬▬▬ ▬ ▬▬▬▬ ▬▬ ▬▬▬ ▬▬ ▬▬▬ ▬ ▬▬▬▬ ▬▬ ▬▬▬ ▬▬ ▬▬▬ ▬ ▬▬▬▬ ▬▬ ▬▬▬ ▬▬ ▬▬▬ ▬ ▬▬▬▬ ▬▬ ▬▬▬ ▬▬ ▬▬▬ ▬ ▬▬▬▬ ▬▬ ▬▬▬ ▬▬ ▬▬▬ ▬ ▬▬▬▬ ▬▬ ▬▬▬ ▬▬ ▬▬▬ ▬ ▬▬▬▬ ▬▬ ▬▬▬ ▬▬ ▬▬▬ ▬ ▬▬▬▬ ▬▬ ▬▬▬
SUPPLY OF LABOUR.
ARRANGEMENT FOR IMPORTATION.
▬▬ ▬▬▬ ▬ ▬▬▬▬ ▬▬ ▬▬▬ ▬▬ ▬▬▬ ▬ ▬▬▬▬ ▬▬ ▬▬▬ ▬▬ ▬▬▬ ▬ ▬▬▬▬ ▬▬ ▬▬▬ ▬▬ ▬▬▬ ▬ ▬▬▬▬ ▬▬ ▬▬▬ ▬▬ ▬▬▬ ▬ ▬▬▬▬ ▬▬ ▬▬▬ ▬▬ ▬▬▬ ▬ ▬▬▬▬ ▬▬ ▬▬▬ ▬▬ ▬▬▬ ▬ ▬▬▬▬ ▬▬ ▬▬▬ ▬▬ ▬▬▬ ▬ ▬▬▬▬ ▬▬ ▬▬▬ ▬▬ ▬▬▬ ▬ ▬▬▬▬ ▬▬ ▬▬▬ ▬▬ ▬▬▬ ▬ ▬▬▬▬ ▬▬ ▬▬▬
M. STOLYPIN.
A TRIBUTE BY THE TSAR.
▬▬ ▬▬▬ ▬ ▬▬▬▬ ▬▬ ▬▬▬ ▬▬ ▬▬▬ ▬ ▬▬▬▬ ▬▬ ▬▬▬ ▬▬ ▬▬▬ ▬ ▬▬▬▬ ▬▬ ▬▬▬ ▬▬ ▬▬▬ ▬ ▬▬▬▬ ▬▬ ▬▬▬ ▬▬ ▬▬▬ ▬ ▬▬▬▬ ▬▬ ▬▬▬ ▬▬ ▬▬▬ ▬ ▬▬▬▬ ▬▬ ▬▬▬ ▬▬ ▬▬▬ ▬ ▬▬▬▬ ▬▬ ▬▬▬ ▬▬ ▬▬▬ ▬ ▬▬▬▬ ▬▬ ▬▬▬ ▬▬ ▬▬▬ ▬ ▬▬▬▬ ▬▬ ▬▬▬ ▬▬ ▬▬▬ ▬ ▬▬▬▬ ▬▬ ▬▬▬ ▬▬ ▬▬▬ ▬ ▬▬▬▬ ▬▬ ▬▬▬ ▬▬ ▬▬▬ ▬ ▬▬▬▬ ▬▬ ▬▬▬ ▬▬ ▬▬▬ ▬ ▬▬▬▬ ▬▬ ▬▬▬ ▬▬ ▬▬▬ ▬ ▬▬▬▬ ▬▬ ▬▬▬ ▬▬ ▬▬▬ ▬ ▬▬▬▬ ▬▬ ▬▬▬ ▬▬ ▬▬▬ ▬ ▬▬▬▬ ▬▬ ▬▬▬ ▬▬ ▬▬▬ ▬ ▬▬▬▬ ▬▬ ▬▬▬
MOTOR CARS.
▬▬ ▬▬▬ ▬ ▬▬▬▬ ▬▬ ▬▬▬ ▬▬ ▬▬▬ ▬ ▬▬▬▬ ▬▬ ▬▬▬ ▬▬ ▬▬▬ ▬ ▬▬▬▬ ▬▬ ▬▬▬ ▬▬ ▬▬▬ ▬ ▬▬▬▬ ▬▬ ▬▬▬ ▬▬ ▬▬▬ ▬ ▬▬▬▬ ▬▬ ▬▬▬ ▬▬ ▬▬▬ ▬ ▬▬▬▬ ▬▬ ▬▬▬ ▬▬ ▬▬▬ ▬ ▬▬▬▬ ▬▬ ▬▬▬ ▬▬ ▬▬▬ ▬ ▬▬▬▬ ▬▬ ▬▬▬ ▬▬ ▬▬▬ ▬ ▬▬▬▬ ▬▬ ▬▬▬ ▬▬ ▬▬▬ ▬ ▬▬▬▬ ▬▬ ▬▬▬
DYNAMITE OUTRAGE
CHARGE OF MURDER.
THE LOS ANGELES EXPLOSION.
New York, April 23.
John M'Namara, secretary of the International Bridge and Iron Structural Workers' Union, has been arrested at Indianapolis and charged with murder in connection with the dynamiting of the "Los Angeles Times" offices.
▬▬ ▬▬▬ ▬ ▬▬▬▬ ▬▬ ▬▬▬ ▬▬ ▬▬▬ ▬ ▬▬▬▬ ▬▬ ▬▬▬ ▬▬ ▬▬▬ ▬ ▬▬▬▬ ▬▬ ▬▬▬ ▬▬ ▬▬▬ ▬ ▬▬▬▬ ▬▬ ▬▬▬ ▬▬ ▬▬▬ ▬ ▬▬▬▬ ▬▬ ▬▬▬ ▬▬ ▬▬▬ ▬ ▬▬▬▬ ▬▬ ▬▬▬ ▬▬ ▬▬▬ ▬ ▬▬▬▬ ▬▬ ▬▬▬ ▬▬ ▬▬▬ ▬ ▬▬▬▬ ▬▬ ▬▬▬ ▬▬ ▬▬▬ ▬ ▬▬▬▬ ▬▬ ▬▬▬ ▬▬ ▬▬▬ ▬ ▬▬▬▬ ▬▬ ▬▬▬ ▬▬ ▬▬▬ ▬ ▬▬▬▬ ▬▬ ▬▬▬ ▬▬ ▬▬▬ ▬ ▬▬▬▬ ▬▬ ▬▬▬ ▬▬ ▬▬▬ ▬ ▬▬▬▬ ▬▬ ▬▬▬ ▬▬ ▬▬▬ ▬ ▬▬▬▬ ▬▬ ▬▬▬ ▬▬ ▬▬▬ ▬ ▬▬▬▬ ▬▬ ▬▬▬ ▬▬ ▬▬▬ ▬ ▬▬▬▬ ▬▬ ▬▬▬ ▬▬ ▬▬▬ ▬ ▬▬▬▬ ▬▬ ▬▬▬
A MIDNIGHT EXPLOSION.
▬▬ ▬▬▬ ▬ ▬▬▬▬ ▬▬ ▬▬▬ ▬▬ ▬▬▬ ▬ ▬▬▬▬ ▬▬ ▬▬▬ ▬▬ ▬▬▬ ▬ ▬▬▬▬ ▬▬ ▬▬▬ ▬▬ ▬▬▬ ▬ ▬▬▬▬ ▬▬ ▬▬▬ ▬▬ ▬▬▬ ▬ ▬▬▬▬ ▬▬ ▬▬▬ ▬▬ ▬▬▬ ▬ ▬▬▬▬ ▬▬ ▬▬▬ ▬▬ ▬▬▬ ▬ ▬▬▬▬ ▬▬ ▬▬▬ ▬▬ ▬▬▬ ▬ ▬▬▬▬ ▬▬ ▬▬▬ ▬▬ ▬▬▬ ▬ ▬▬▬▬ ▬▬ ▬▬▬ ▬▬ ▬▬▬ ▬ ▬▬▬▬ ▬▬ ▬▬▬
INDISPOSED.
LORDS ONSLOW, LANSDOWNE, AND NORTHCOTE.
▬▬ ▬▬▬ ▬ ▬▬▬▬ ▬▬ ▬▬▬ ▬▬ ▬▬▬ ▬ ▬▬▬▬ ▬▬ ▬▬▬ ▬▬ ▬▬▬ ▬ ▬▬▬▬ ▬▬ ▬▬▬ ▬▬ ▬▬▬ ▬ ▬▬▬▬ ▬▬ ▬▬▬ ▬▬ ▬▬▬ ▬ ▬▬▬▬ ▬▬ ▬▬▬ ▬▬ ▬▬▬ ▬ ▬▬▬▬ ▬▬ ▬▬▬ ▬▬ ▬▬▬ ▬ ▬▬▬▬ ▬▬ ▬▬▬ ▬▬ ▬▬▬ ▬ ▬▬▬▬ ▬▬ ▬▬▬ ▬▬ ▬▬▬ ▬ ▬▬▬▬ ▬▬ ▬▬▬ ▬▬ ▬▬▬ ▬ ▬▬▬▬ ▬▬ ▬▬▬ ▬▬ ▬▬▬ ▬ ▬▬▬▬ ▬▬ ▬▬▬ ▬▬ ▬▬▬ ▬ ▬▬▬▬ ▬▬ ▬▬▬ ▬▬ ▬▬▬ ▬ ▬▬▬▬ ▬▬ ▬▬▬ ▬▬ ▬▬▬ ▬ ▬▬▬▬ ▬▬ ▬▬▬ ▬▬ ▬▬▬ ▬ ▬▬▬▬ ▬▬ ▬▬▬ ▬▬ ▬▬▬ ▬ ▬▬▬▬ ▬▬ ▬▬▬ ▬▬ ▬▬▬ ▬ ▬▬▬▬ ▬▬ ▬▬▬
GENERAL CABLEGRAMS
SUCCESSFUL FLIGHTS.
▬▬ ▬▬▬ ▬ ▬▬▬▬ ▬▬ ▬▬▬ ▬▬ ▬▬▬ ▬ ▬▬▬▬ ▬▬ ▬▬▬ ▬▬ ▬▬▬ ▬ ▬▬▬▬ ▬▬ ▬▬▬ ▬▬ ▬▬▬ ▬ ▬▬▬▬ ▬▬ ▬▬▬ ▬▬ ▬▬▬ ▬ ▬▬▬▬ ▬▬ ▬▬▬ ▬▬ ▬▬▬ ▬ ▬▬▬▬ ▬▬ ▬▬▬ ▬▬ ▬▬▬ ▬ ▬▬▬▬ ▬▬ ▬▬▬ ▬▬ ▬▬▬ ▬ ▬▬▬▬ ▬▬ ▬▬▬ ▬▬ ▬▬▬ ▬ ▬▬▬▬ ▬▬ ▬▬▬ ▬▬ ▬▬▬ ▬ ▬▬▬▬ ▬▬ ▬▬▬
PASSENGER RATES TO BE RAISED.
SMALLPOX.
GERMAN CONSUL-GENERAL.
PACIFIC AND PAPUA PRODUCE COMPANY.
PRINCE AS AERONAUT.
CHESS.
PLAGUE IN JAVA.
▬▬ ▬▬▬ ▬ ▬▬▬▬ ▬▬ ▬▬▬ ▬▬ ▬▬▬ ▬ ▬▬▬▬ ▬▬ ▬▬▬ ▬▬ ▬▬▬ ▬ ▬▬▬▬ ▬▬ ▬▬▬ ▬▬ ▬▬▬ ▬ ▬▬▬▬ ▬▬ ▬▬▬ ▬▬ ▬▬▬ ▬ ▬▬▬▬ ▬▬ ▬▬▬ ▬▬ ▬▬▬ ▬ ▬▬▬▬ ▬▬ ▬▬▬ ▬▬ ▬▬▬ ▬ ▬▬▬▬ ▬▬ ▬▬▬ ▬▬ ▬▬▬ ▬ ▬▬▬▬ ▬▬ ▬▬▬ ▬▬ ▬▬▬ ▬ ▬▬▬▬ ▬▬ ▬▬▬ ▬▬ ▬▬▬ ▬ ▬▬▬▬ ▬▬ ▬▬▬ ▬▬ ▬▬▬ ▬ ▬▬▬▬ ▬▬ ▬▬▬ ▬▬ ▬▬▬ ▬ ▬▬▬▬ ▬▬ ▬▬▬ ▬▬ ▬▬▬ ▬ ▬▬▬▬ ▬▬ ▬▬▬ ▬▬ ▬▬▬ ▬ ▬▬▬▬ ▬▬ ▬▬▬ ▬▬ ▬▬▬ ▬ ▬▬▬▬ ▬▬ ▬▬▬ ▬▬ ▬▬▬ ▬ ▬▬▬▬ ▬▬ ▬▬▬ ▬▬ ▬▬▬ ▬ ▬▬▬▬ ▬▬ ▬▬▬
STRANGE POSSIBILITIES.
VALUATION DEPARTMENT.
▬▬ ▬▬▬ ▬ ▬▬▬▬ ▬▬ ▬▬▬ ▬▬ ▬▬▬ ▬ ▬▬▬▬ ▬▬ ▬▬▬ ▬▬ ▬▬▬ ▬ ▬▬▬▬ ▬▬ ▬▬▬ ▬▬ ▬▬▬ ▬ ▬▬▬▬ ▬▬ ▬▬▬ ▬▬ ▬▬▬ ▬ ▬▬▬▬ ▬▬ ▬▬▬ ▬▬ ▬▬▬ ▬ ▬▬▬▬ ▬▬ ▬▬▬ ▬▬ ▬▬▬ ▬ ▬▬▬▬ ▬▬ ▬▬▬ ▬▬ ▬▬▬ ▬ ▬▬▬▬ ▬▬ ▬▬▬ ▬▬ ▬▬▬ ▬ ▬▬▬▬ ▬▬ ▬▬▬ ▬▬ ▬▬▬ ▬ ▬▬▬▬ ▬▬ ▬▬▬
HIS STRUGGLE.
FARMER'S STORY IN COURT.
▬▬ ▬▬▬ ▬ ▬▬▬▬ ▬▬ ▬▬▬ ▬▬ ▬▬▬ ▬ ▬▬▬▬ ▬▬ ▬▬▬ ▬▬ ▬▬▬ ▬ ▬▬▬▬ ▬▬ ▬▬▬ ▬▬ ▬▬▬ ▬ ▬▬▬▬ ▬▬ ▬▬▬ ▬▬ ▬▬▬ ▬ ▬▬▬▬ ▬▬ ▬▬▬ ▬▬ ▬▬▬ ▬ ▬▬▬▬ ▬▬ ▬▬▬ ▬▬ ▬▬▬ ▬ ▬▬▬▬ ▬▬ ▬▬▬ ▬▬ ▬▬▬ ▬ ▬▬▬▬ ▬▬ ▬▬▬ ▬▬ ▬▬▬ ▬ ▬▬▬▬ ▬▬ ▬▬▬ ▬▬ ▬▬▬ ▬ ▬▬▬▬ ▬▬ ▬▬▬ ▬▬ ▬▬▬ ▬ ▬▬▬▬ ▬▬ ▬▬▬ ▬▬ ▬▬▬ ▬ ▬▬▬▬ ▬▬ ▬▬▬ ▬▬ ▬▬▬ ▬ ▬▬▬▬ ▬▬ ▬▬▬ ▬▬ ▬▬▬ ▬ ▬▬▬▬ ▬▬ ▬▬▬ ▬▬ ▬▬▬ ▬ ▬▬▬▬ ▬▬ ▬▬▬ ▬▬ ▬▬▬ ▬ ▬▬▬▬ ▬▬ ▬▬▬ ▬▬ ▬▬▬ ▬ ▬▬▬▬ ▬▬ ▬▬▬
